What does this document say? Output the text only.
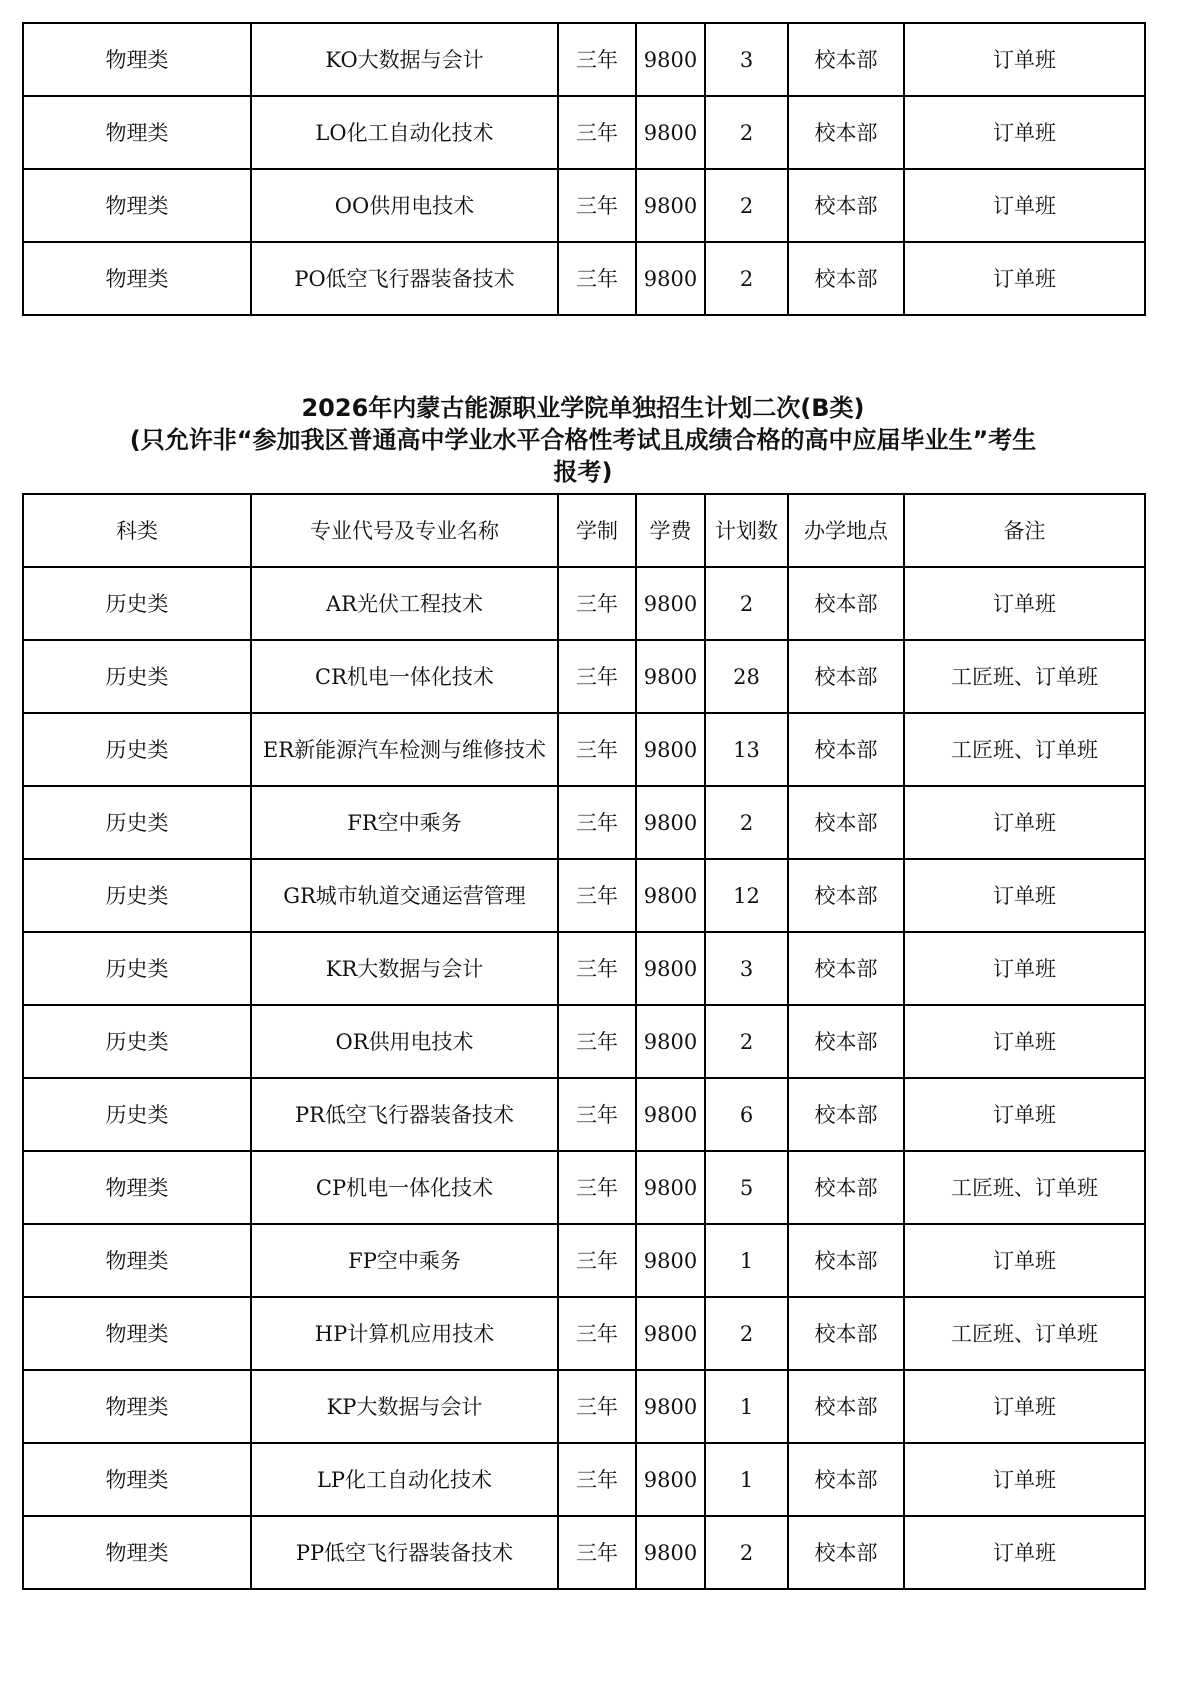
物理类	KO大数据与会计	三年	9800	3	校本部	订单班
物理类	LO化工自动化技术	三年	9800	2	校本部	订单班
物理类	OO供用电技术	三年	9800	2	校本部	订单班
物理类	PO低空飞行器装备技术	三年	9800	2	校本部	订单班
2026年内蒙古能源职业学院单独招生计划二次(B类)
(只允许非“参加我区普通高中学业水平合格性考试且成绩合格的高中应届毕业生”考生
报考)
科类	专业代号及专业名称	学制	学费	计划数	办学地点	备注
历史类	AR光伏工程技术	三年	9800	2	校本部	订单班
历史类	CR机电一体化技术	三年	9800	28	校本部	工匠班、订单班
历史类	ER新能源汽车检测与维修技术	三年	9800	13	校本部	工匠班、订单班
历史类	FR空中乘务	三年	9800	2	校本部	订单班
历史类	GR城市轨道交通运营管理	三年	9800	12	校本部	订单班
历史类	KR大数据与会计	三年	9800	3	校本部	订单班
历史类	OR供用电技术	三年	9800	2	校本部	订单班
历史类	PR低空飞行器装备技术	三年	9800	6	校本部	订单班
物理类	CP机电一体化技术	三年	9800	5	校本部	工匠班、订单班
物理类	FP空中乘务	三年	9800	1	校本部	订单班
物理类	HP计算机应用技术	三年	9800	2	校本部	工匠班、订单班
物理类	KP大数据与会计	三年	9800	1	校本部	订单班
物理类	LP化工自动化技术	三年	9800	1	校本部	订单班
物理类	PP低空飞行器装备技术	三年	9800	2	校本部	订单班
